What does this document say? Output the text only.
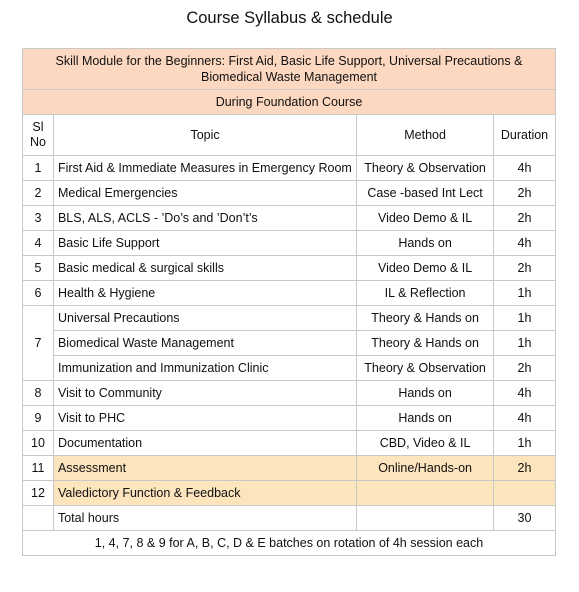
Course Syllabus & schedule
Skill Module for the Beginners: First Aid, Basic Life Support, Universal Precautions & Biomedical Waste Management			
During Foundation Course			
Sl
No	Topic	Method	Duration
1	First Aid & Immediate Measures in Emergency Room	Theory & Observation	4h
2	Medical Emergencies	Case -based Int Lect	2h
3	BLS, ALS, ACLS - ’Do’s and ’Don’t’s	Video Demo & IL	2h
4	Basic Life Support	Hands on	4h
5	Basic medical & surgical skills	Video Demo & IL	2h
6	Health & Hygiene	IL & Reflection	1h
7	Universal Precautions	Theory & Hands on	1h
	Biomedical Waste Management	Theory & Hands on	1h
	Immunization and Immunization Clinic	Theory & Observation	2h
8	Visit to Community	Hands on	4h
9	Visit to PHC	Hands on	4h
10	Documentation	CBD, Video & IL	1h
11	Assessment	Online/Hands-on	2h
12	Valedictory Function & Feedback		
	Total hours		30
1, 4, 7, 8 & 9 for A, B, C, D & E batches on rotation of 4h session each			
